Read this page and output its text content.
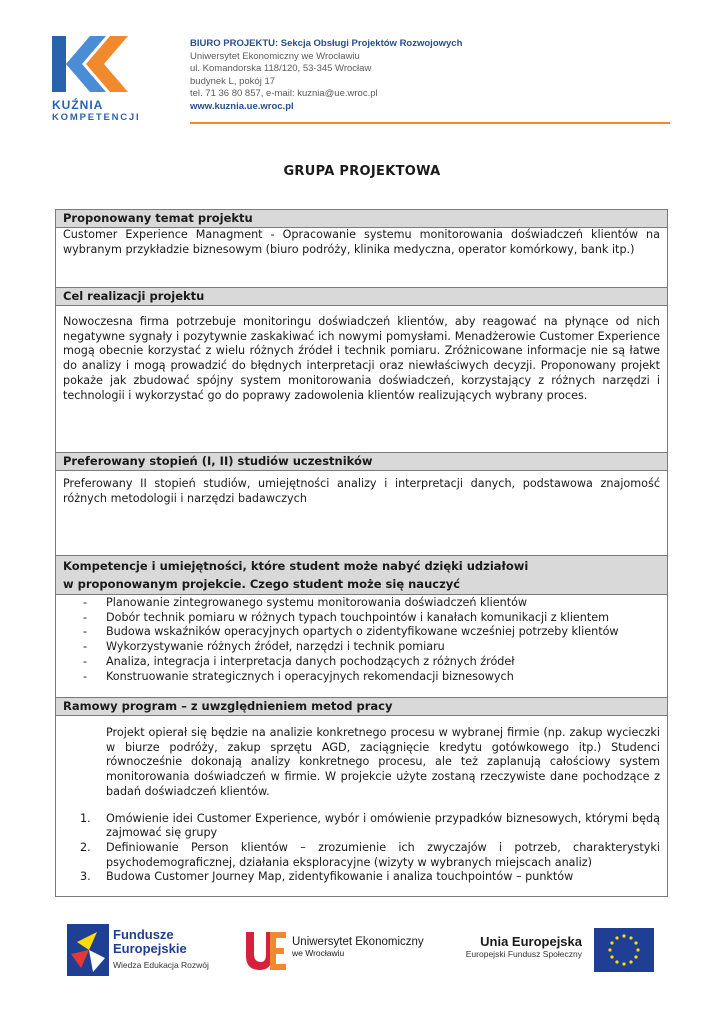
KUŹNIA
KOMPETENCJI
BIURO PROJEKTU: Sekcja Obsługi Projektów Rozwojowych
Uniwersytet Ekonomiczny we Wrocławiu
ul. Komandorska 118/120, 53-345 Wrocław
budynek L, pokój 17
tel. 71 36 80 857, e-mail: kuznia@ue.wroc.pl
www.kuznia.ue.wroc.pl
GRUPA PROJEKTOWA
Proponowany temat projektu
Customer Experience Managment - Opracowanie systemu monitorowania doświadczeń klientów na wybranym przykładzie biznesowym (biuro podróży, klinika medyczna, operator komórkowy, bank itp.)
Cel realizacji projektu
Nowoczesna firma potrzebuje monitoringu doświadczeń klientów, aby reagować na płynące od nich negatywne sygnały i pozytywnie zaskakiwać ich nowymi pomysłami. Menadżerowie Customer Experience mogą obecnie korzystać z wielu różnych źródeł i technik pomiaru. Zróżnicowane informacje nie są łatwe do analizy i mogą prowadzić do błędnych interpretacji oraz niewłaściwych decyzji. Proponowany projekt pokaże jak zbudować spójny system monitorowania doświadczeń, korzystający z różnych narzędzi i technologii i wykorzystać go do poprawy zadowolenia klientów realizujących wybrany proces.
Preferowany stopień (I, II) studiów uczestników
Preferowany II stopień studiów, umiejętności analizy i interpretacji danych, podstawowa znajomość różnych metodologii i narzędzi badawczych
Kompetencje i umiejętności, które student może nabyć dzięki udziałowi
w proponowanym projekcie. Czego student może się nauczyć
- Planowanie zintegrowanego systemu monitorowania doświadczeń klientów
- Dobór technik pomiaru w różnych typach touchpointów i kanałach komunikacji z klientem
- Budowa wskaźników operacyjnych opartych o zidentyfikowane wcześniej potrzeby klientów
- Wykorzystywanie różnych źródeł, narzędzi i technik pomiaru
- Analiza, integracja i interpretacja danych pochodzących z różnych źródeł
- Konstruowanie strategicznych i operacyjnych rekomendacji biznesowych
Ramowy program – z uwzględnieniem metod pracy
Projekt opierał się będzie na analizie konkretnego procesu w wybranej firmie (np. zakup wycieczki w biurze podróży, zakup sprzętu AGD, zaciągnięcie kredytu gotówkowego itp.) Studenci równocześnie dokonają analizy konkretnego procesu, ale też zaplanują całościowy system monitorowania doświadczeń w firmie. W projekcie użyte zostaną rzeczywiste dane pochodzące z badań doświadczeń klientów.
1. Omówienie idei Customer Experience, wybór i omówienie przypadków biznesowych, którymi będą zajmować się grupy
2. Definiowanie Person klientów – zrozumienie ich zwyczajów i potrzeb, charakterystyki psychodemograficznej, działania eksploracyjne (wizyty w wybranych miejscach analiz)
3. Budowa Customer Journey Map, zidentyfikowanie i analiza touchpointów – punktów
Fundusze
Europejskie
Wiedza Edukacja Rozwój
Uniwersytet Ekonomiczny
we Wrocławiu
Unia Europejska
Europejski Fundusz Społeczny
